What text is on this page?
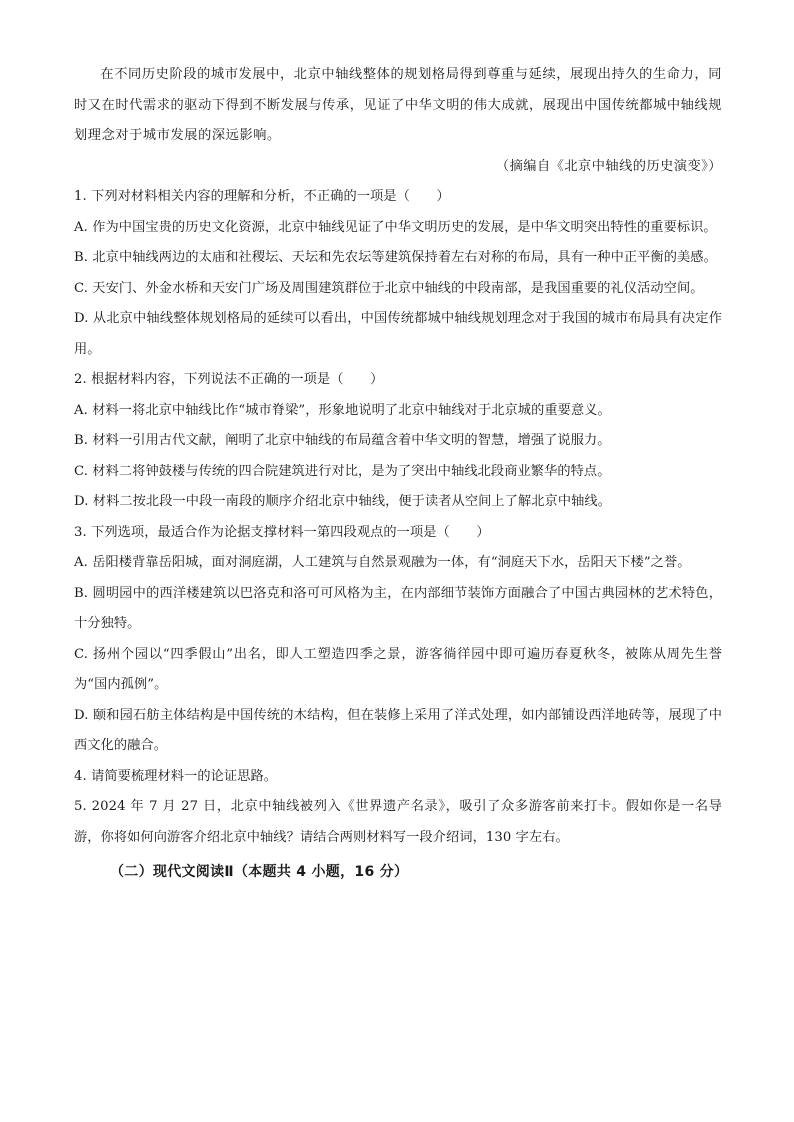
在不同历史阶段的城市发展中，北京中轴线整体的规划格局得到尊重与延续，展现出持久的生命力，同时又在时代需求的驱动下得到不断发展与传承，见证了中华文明的伟大成就，展现出中国传统都城中轴线规划理念对于城市发展的深远影响。

（摘编自《北京中轴线的历史演变》）

1. 下列对材料相关内容的理解和分析，不正确的一项是（　　）

A. 作为中国宝贵的历史文化资源，北京中轴线见证了中华文明历史的发展，是中华文明突出特性的重要标识。

B. 北京中轴线两边的太庙和社稷坛、天坛和先农坛等建筑保持着左右对称的布局，具有一种中正平衡的美感。

C. 天安门、外金水桥和天安门广场及周围建筑群位于北京中轴线的中段南部，是我国重要的礼仪活动空间。

D. 从北京中轴线整体规划格局的延续可以看出，中国传统都城中轴线规划理念对于我国的城市布局具有决定作用。

2. 根据材料内容，下列说法不正确的一项是（　　）

A. 材料一将北京中轴线比作“城市脊梁”，形象地说明了北京中轴线对于北京城的重要意义。

B. 材料一引用古代文献，阐明了北京中轴线的布局蕴含着中华文明的智慧，增强了说服力。

C. 材料二将钟鼓楼与传统的四合院建筑进行对比，是为了突出中轴线北段商业繁华的特点。

D. 材料二按北段一中段一南段的顺序介绍北京中轴线，便于读者从空间上了解北京中轴线。

3. 下列选项，最适合作为论据支撑材料一第四段观点的一项是（　　）

A. 岳阳楼背靠岳阳城，面对洞庭湖，人工建筑与自然景观融为一体，有“洞庭天下水，岳阳天下楼”之誉。

B. 圆明园中的西洋楼建筑以巴洛克和洛可可风格为主，在内部细节装饰方面融合了中国古典园林的艺术特色，十分独特。

C. 扬州个园以“四季假山”出名，即人工塑造四季之景，游客徜徉园中即可遍历春夏秋冬，被陈从周先生誉为“国内孤例”。

D. 颐和园石舫主体结构是中国传统的木结构，但在装修上采用了洋式处理，如内部铺设西洋地砖等，展现了中西文化的融合。

4. 请简要梳理材料一的论证思路。

5. 2024 年 7 月 27 日，北京中轴线被列入《世界遗产名录》，吸引了众多游客前来打卡。假如你是一名导游，你将如何向游客介绍北京中轴线？请结合两则材料写一段介绍词，130 字左右。

（二）现代文阅读Ⅱ（本题共 4 小题，16 分）
